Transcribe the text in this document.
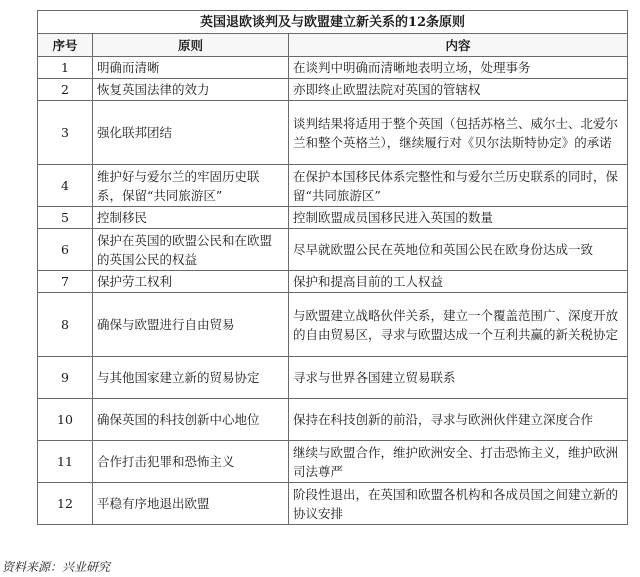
英国退欧谈判及与欧盟建立新关系的12条原则		
序号	原则	内容
1	明确而清晰	在谈判中明确而清晰地表明立场，处理事务
2	恢复英国法律的效力	亦即终止欧盟法院对英国的管辖权
3	强化联邦团结	谈判结果将适用于整个英国（包括苏格兰、威尔士、北爱尔兰和整个英格兰），继续履行对《贝尔法斯特协定》的承诺
4	维护好与爱尔兰的牢固历史联系，保留“共同旅游区”	在保护本国移民体系完整性和与爱尔兰历史联系的同时，保留“共同旅游区”
5	控制移民	控制欧盟成员国移民进入英国的数量
6	保护在英国的欧盟公民和在欧盟的英国公民的权益	尽早就欧盟公民在英地位和英国公民在欧身份达成一致
7	保护劳工权利	保护和提高目前的工人权益
8	确保与欧盟进行自由贸易	与欧盟建立战略伙伴关系，建立一个覆盖范围广、深度开放的自由贸易区，寻求与欧盟达成一个互利共赢的新关税协定
9	与其他国家建立新的贸易协定	寻求与世界各国建立贸易联系
10	确保英国的科技创新中心地位	保持在科技创新的前沿，寻求与欧洲伙伴建立深度合作
11	合作打击犯罪和恐怖主义	继续与欧盟合作，维护欧洲安全、打击恐怖主义，维护欧洲司法尊严
12	平稳有序地退出欧盟	阶段性退出，在英国和欧盟各机构和各成员国之间建立新的协议安排
资料来源：兴业研究
